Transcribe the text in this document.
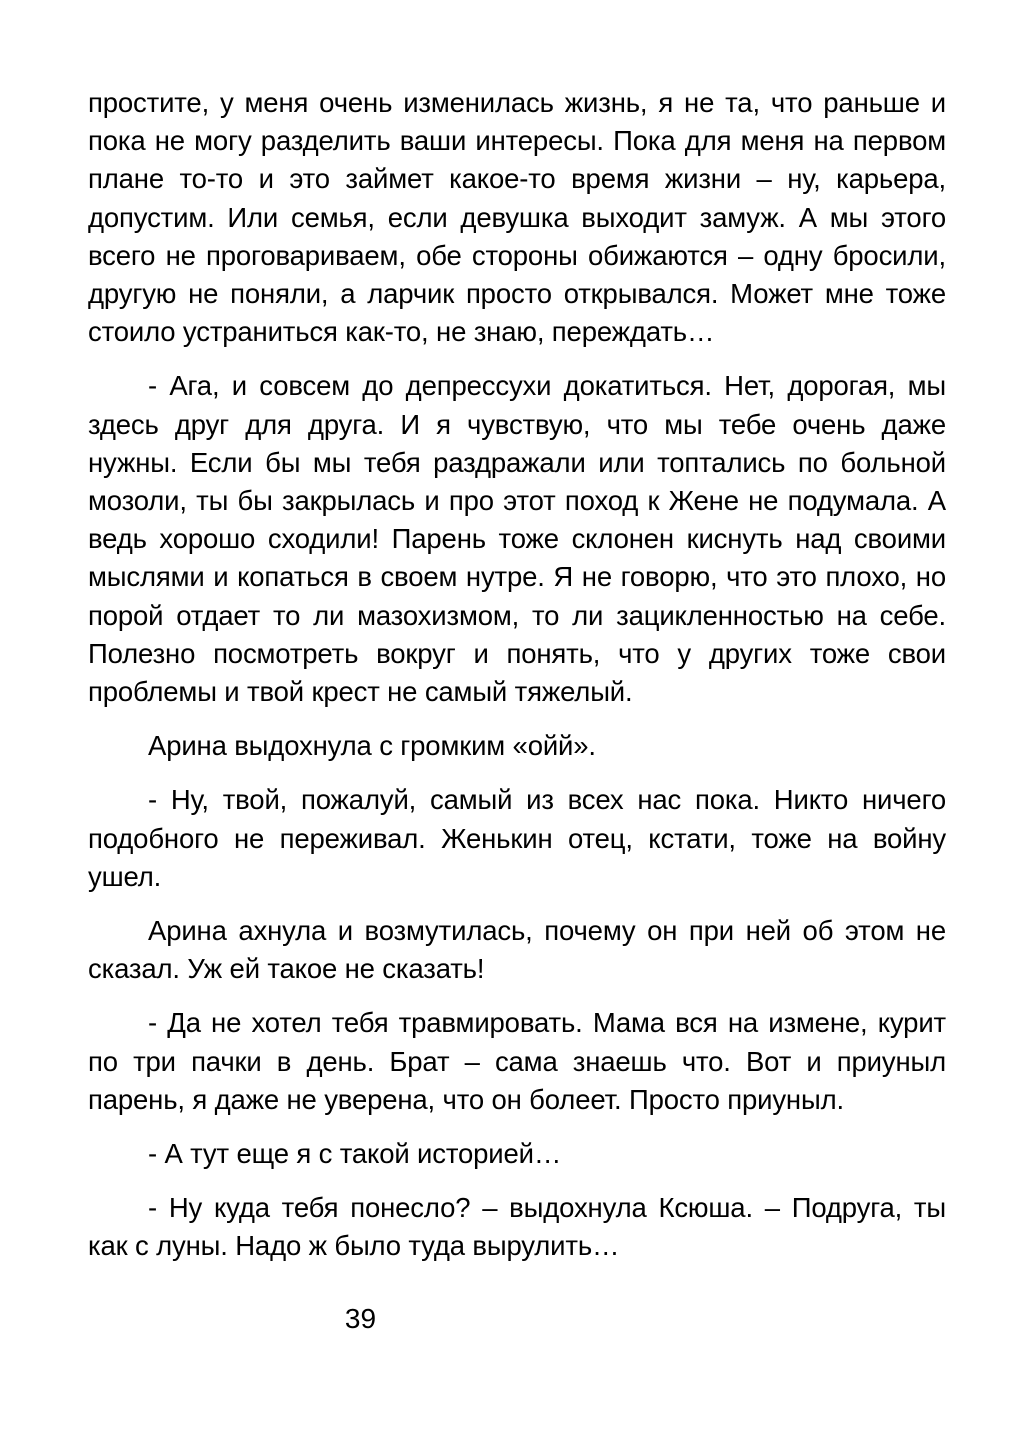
простите, у меня очень изменилась жизнь, я не та, что раньше и пока не могу разделить ваши интересы. Пока для меня на первом плане то-то и это займет какое-то время жизни – ну, карьера, допустим. Или семья, если девушка выходит замуж. А мы этого всего не проговариваем, обе стороны обижаются – одну бросили, другую не поняли, а ларчик просто открывался. Может мне тоже стоило устраниться как-то, не знаю, переждать…

- Ага, и совсем до депрессухи докатиться. Нет, дорогая, мы здесь друг для друга. И я чувствую, что мы тебе очень даже нужны. Если бы мы тебя раздражали или топтались по больной мозоли, ты бы закрылась и про этот поход к Жене не подумала. А ведь хорошо сходили! Парень тоже склонен киснуть над своими мыслями и копаться в своем нутре. Я не говорю, что это плохо, но порой отдает то ли мазохизмом, то ли зацикленностью на себе. Полезно посмотреть вокруг и понять, что у других тоже свои проблемы и твой крест не самый тяжелый.

Арина выдохнула с громким «ойй».

- Ну, твой, пожалуй, самый из всех нас пока. Никто ничего подобного не переживал. Женькин отец, кстати, тоже на войну ушел.

Арина ахнула и возмутилась, почему он при ней об этом не сказал. Уж ей такое не сказать!

- Да не хотел тебя травмировать. Мама вся на измене, курит по три пачки в день. Брат – сама знаешь что. Вот и приуныл парень, я даже не уверена, что он болеет. Просто приуныл.

- А тут еще я с такой историей…

- Ну куда тебя понесло? – выдохнула Ксюша. – Подруга, ты как с луны. Надо ж было туда вырулить…

39
